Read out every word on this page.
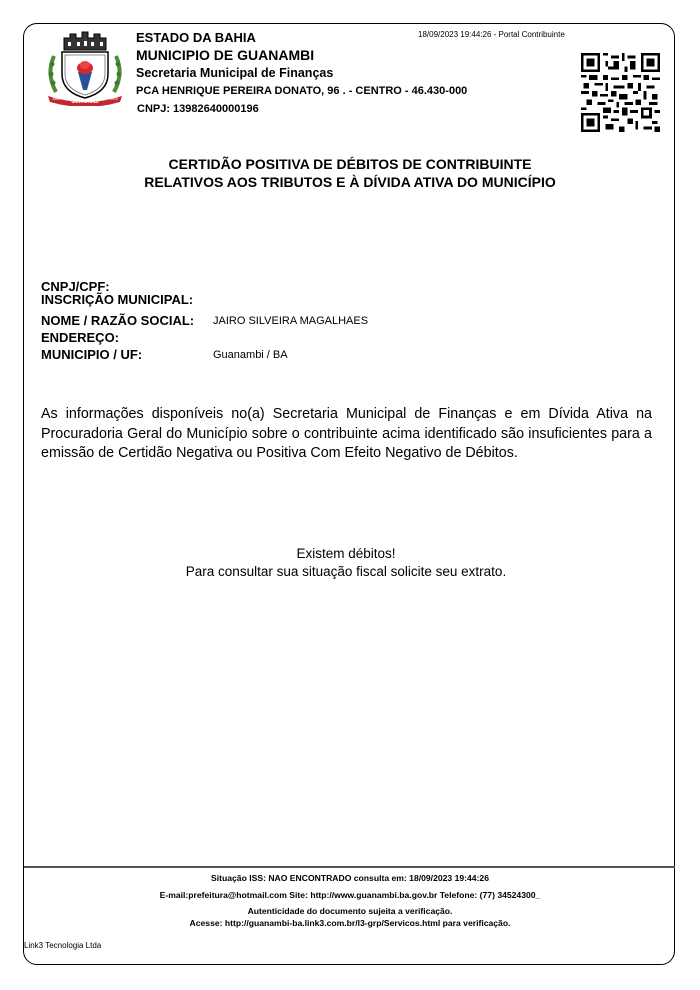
GUANAMBI
1880	1919
ESTADO DA BAHIA
MUNICIPIO DE GUANAMBI
Secretaria Municipal de Finanças
PCA HENRIQUE PEREIRA DONATO, 96 . - CENTRO - 46.430-000
CNPJ: 13982640000196
18/09/2023 19:44:26 - Portal Contribuinte
CERTIDÃO POSITIVA DE DÉBITOS DE CONTRIBUINTE
RELATIVOS AOS TRIBUTOS E À DÍVIDA ATIVA DO MUNICÍPIO
CNPJ/CPF:
INSCRIÇÃO MUNICIPAL:
NOME / RAZÃO SOCIAL: JAIRO SILVEIRA MAGALHAES
ENDEREÇO:
MUNICIPIO / UF:	Guanambi / BA
As informações disponíveis no(a) Secretaria Municipal de Finanças e em Dívida Ativa na Procuradoria Geral do Município sobre o contribuinte acima identificado são insuficientes para a emissão de Certidão Negativa ou Positiva Com Efeito Negativo de Débitos.
Existem débitos!
Para consultar sua situação fiscal solicite seu extrato.
Situação ISS: NAO ENCONTRADO consulta em: 18/09/2023 19:44:26
E-mail:prefeitura@hotmail.com Site: http://www.guanambi.ba.gov.br Telefone: (77) 34524300_
Autenticidade do documento sujeita a verificação.
Acesse: http://guanambi-ba.link3.com.br/l3-grp/Servicos.html para verificação.
Link3 Tecnologia Ltda
